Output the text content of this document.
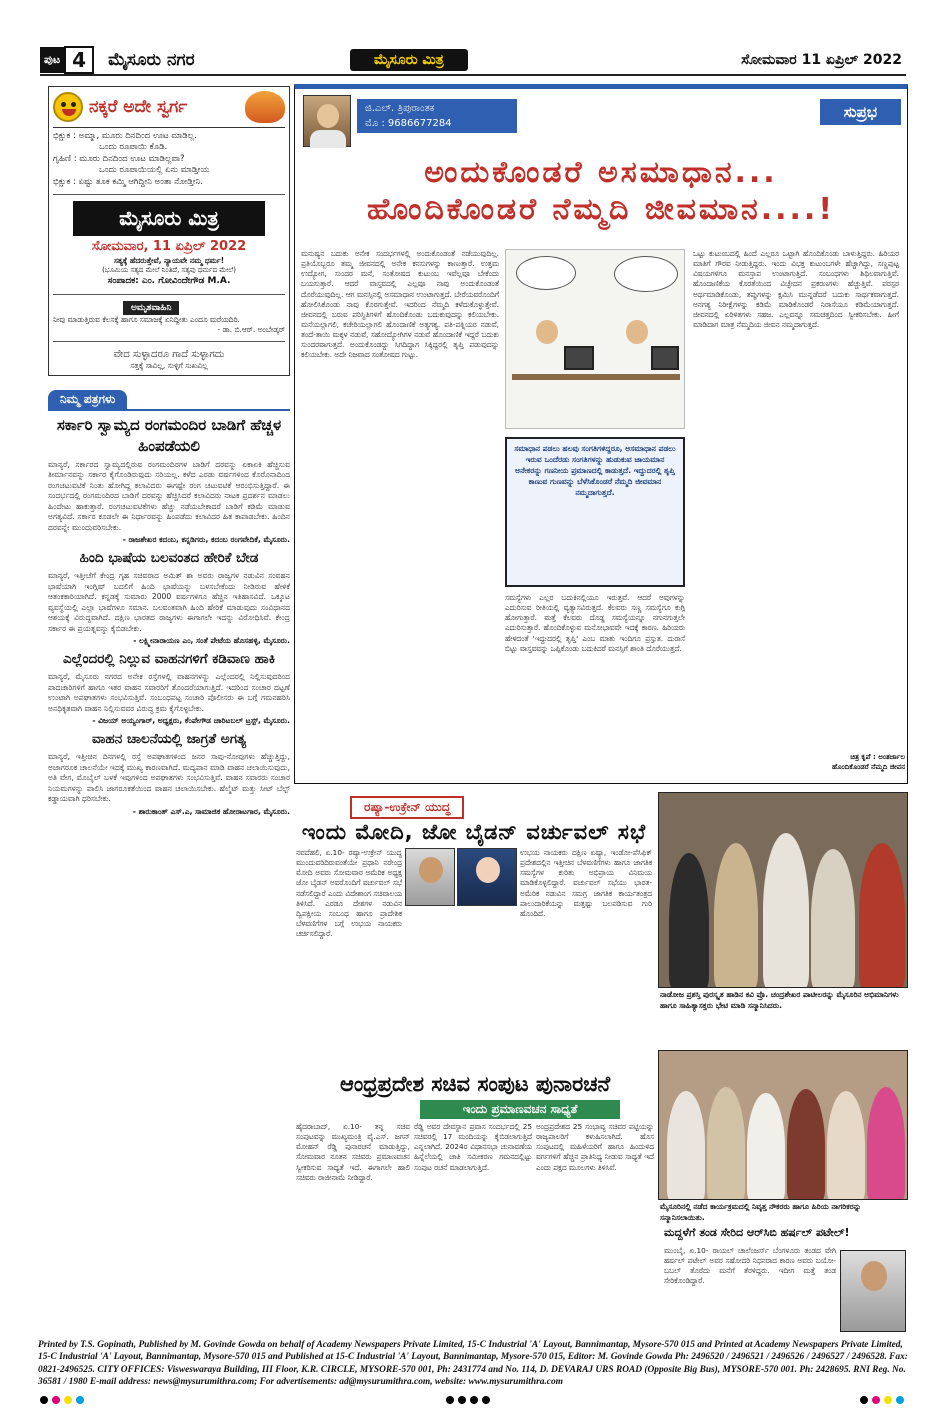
ಪುಟ 4	ಮೈಸೂರು ನಗರ	ಮೈಸೂರು ಮಿತ್ರ	ಸೋಮವಾರ 11 ಏಪ್ರಿಲ್ 2022
ನಕ್ಕರೆ ಅದೇ ಸ್ವರ್ಗ
ಭಿಕ್ಷುಕ : ಅಮ್ಮಾ, ಮೂರು ದಿನದಿಂದ ಊಟ ಮಾಡಿಲ್ಲ.
ಒಂದು ರೂಪಾಯಿ ಕೊಡಿ.
ಗೃಹಿಣಿ : ಮೂರು ದಿನದಿಂದ ಊಟ ಮಾಡಿಲ್ಲವಾ?
ಒಂದು ರೂಪಾಯಿಯಲ್ಲಿ ಏನು ಮಾಡ್ತೀಯ
ಭಿಕ್ಷುಕ : ಏಷ್ಟು ತೂಕ ಕಮ್ಮಿ ಆಗಿದ್ದೀನಿ ಅಂತಾ ನೋಡ್ತೀನಿ.
ಮೈಸೂರು ಮಿತ್ರ
ಸೋಮವಾರ, 11 ಏಪ್ರಿಲ್ 2022
ಸತ್ಯಕ್ಕೆ ಹೆದರುತ್ತೇವೆ, ನ್ಯಾಯವೇ ನಮ್ಮ ಧರ್ಮ!
(ಭೂಮಿಯ ಸತ್ಯದ ಮೇಲೆ ನಿಂತಿದೆ, ಸತ್ಯವು ಧರ್ಮದ ಮೇಲೆ)
ಸಂಪಾದಕ: ಎಂ. ಗೋವಿಂದೇಗೌಡ M.A.
ಅಮೃತವಾಹಿನಿ
ನೀವು ಮಾಡುತ್ತಿರುವ ಕೆಲಸಕ್ಕೆ ಹಾಗೂ ಸಮಾಜಕ್ಕೆ ಏನಿದ್ದೀತು ಎಂದೂ ಮರೆಯದಿರಿ.
- ಡಾ. ಬಿ.ಆರ್. ಅಂಬೇಡ್ಕರ್
ವೇದ ಸುಳ್ಳಾದರೂ ಗಾದೆ ಸುಳ್ಳಾಗದು
ಸತ್ತಕ್ಕೆ ಸಾವಿಲ್ಲ, ಸುಳ್ಳಿಗೆ ಸುಖವಿಲ್ಲ
ನಿಮ್ಮ ಪತ್ರಗಳು
ಸರ್ಕಾರಿ ಸ್ವಾಮ್ಯದ ರಂಗಮಂದಿರ ಬಾಡಿಗೆ ಹೆಚ್ಚಳ ಹಿಂಪಡೆಯಲಿ
ಮಾನ್ಯರೆ, ಸರ್ಕಾರದ ಸ್ವಾಮ್ಯದಲ್ಲಿರುವ ರಂಗಮಂದಿರಗಳ ಬಾಡಿಗೆ ದರವನ್ನು ಏಕಾಏಕಿ ಹೆಚ್ಚಿಸುವ ತೀರ್ಮಾನವನ್ನು ಸರ್ಕಾರ ಕೈಗೊಂಡಿರುವುದು ಸರಿಯಲ್ಲ. ಕಳೆದ ಎರಡು ವರ್ಷಗಳಿಂದ ಕೊರೊನಾದಿಂದ ರಂಗಚಟುವಟಿಕೆ ನಿಂತು ಹೋಗಿದ್ದ ಕಲಾವಿದರು ಈಗಷ್ಟೇ ರಂಗ ಚಟುವಟಿಕೆ ಆರಂಭಿಸುತ್ತಿದ್ದಾರೆ. ಈ ಸಂದರ್ಭದಲ್ಲಿ ರಂಗಮಂದಿರದ ಬಾಡಿಗೆ ದರವನ್ನು ಹೆಚ್ಚಿಸಿದರೆ ಕಲಾವಿದರು ನಾಟಕ ಪ್ರದರ್ಶನ ಮಾಡಲು ಹಿಂದೇಟು ಹಾಕುತ್ತಾರೆ. ರಂಗಚಟುವಟಿಕೆಗಳು ಹೆಚ್ಚು ನಡೆಯಬೇಕಾದರೆ ಬಾಡಿಗೆ ಕಡಿಮೆ ಮಾಡುವ ಅಗತ್ಯವಿದೆ. ಸರ್ಕಾರ ಕೂಡಲೇ ಈ ನಿರ್ಧಾರವನ್ನು ಹಿಂಪಡೆದು ಕಲಾವಿದರ ಹಿತ ಕಾಪಾಡಬೇಕು. ಹಿಂದಿನ ದರವನ್ನೇ ಮುಂದುವರಿಸಬೇಕು.
- ರಾಜಶೇಖರ ಕದಂಬ, ಕನ್ನಡಿಗರು, ಕದಂಬ ರಂಗವೇದಿಕೆ, ಮೈಸೂರು.
ಹಿಂದಿ ಭಾಷೆಯ ಬಲವಂತದ ಹೇರಿಕೆ ಬೇಡ
ಮಾನ್ಯರೆ, ಇತ್ತೀಚೆಗೆ ಕೇಂದ್ರ ಗೃಹ ಸಚಿವರಾದ ಅಮಿತ್ ಶಾ ಅವರು ರಾಜ್ಯಗಳ ನಡುವಿನ ಸಂವಹನ ಭಾಷೆಯಾಗಿ ಇಂಗ್ಲಿಷ್ ಬದಲಿಗೆ ಹಿಂದಿ ಭಾಷೆಯನ್ನು ಬಳಸಬೇಕೆಂದು ನೀಡಿರುವ ಹೇಳಿಕೆ ಆತಂಕಕಾರಿಯಾಗಿದೆ. ಕನ್ನಡಕ್ಕೆ ಸುಮಾರು 2000 ವರ್ಷಗಳಿಗೂ ಹೆಚ್ಚಿನ ಇತಿಹಾಸವಿದೆ. ಒಕ್ಕೂಟ ವ್ಯವಸ್ಥೆಯಲ್ಲಿ ಎಲ್ಲಾ ಭಾಷೆಗಳೂ ಸಮಾನ. ಬಲವಂತವಾಗಿ ಹಿಂದಿ ಹೇರಿಕೆ ಮಾಡುವುದು ಸಂವಿಧಾನದ ಆಶಯಕ್ಕೆ ವಿರುದ್ಧವಾಗಿದೆ. ದಕ್ಷಿಣ ಭಾರತದ ರಾಜ್ಯಗಳು ಈಗಾಗಲೇ ಇದನ್ನು ವಿರೋಧಿಸಿವೆ. ಕೇಂದ್ರ ಸರ್ಕಾರ ಈ ಪ್ರಯತ್ನವನ್ನು ಕೈಬಿಡಬೇಕು.
- ಲಕ್ಷ್ಮೀನಾರಾಯಣ ಎಂ, ಸಂತೆ ಪೇಟೆಯ ಹೊಸಹಳ್ಳಿ, ಮೈಸೂರು.
ಎಲ್ಲೆಂದರಲ್ಲಿ ನಿಲ್ಲುವ ವಾಹನಗಳಿಗೆ ಕಡಿವಾಣ ಹಾಕಿ
ಮಾನ್ಯರೆ, ಮೈಸೂರು ನಗರದ ಅನೇಕ ರಸ್ತೆಗಳಲ್ಲಿ ವಾಹನಗಳನ್ನು ಎಲ್ಲೆಂದರಲ್ಲಿ ನಿಲ್ಲಿಸುವುದರಿಂದ ಪಾದಚಾರಿಗಳಿಗೆ ಹಾಗೂ ಇತರ ವಾಹನ ಸವಾರರಿಗೆ ತೊಂದರೆಯಾಗುತ್ತಿದೆ. ಇದರಿಂದ ಸಂಚಾರ ದಟ್ಟಣೆ ಉಂಟಾಗಿ ಅಪಘಾತಗಳು ಸಂಭವಿಸುತ್ತಿವೆ. ಸಂಬಂಧಪಟ್ಟ ಸಂಚಾರಿ ಪೊಲೀಸರು ಈ ಬಗ್ಗೆ ಗಮನಹರಿಸಿ ಅನಧಿಕೃತವಾಗಿ ವಾಹನ ನಿಲ್ಲಿಸುವವರ ವಿರುದ್ಧ ಕ್ರಮ ಕೈಗೊಳ್ಳಬೇಕು.
- ವಿಜಯ್ ಅಯ್ಯಂಗಾರ್, ಅಧ್ಯಕ್ಷರು, ಕೆಂಪೇಗೌಡ ಚಾರಿಟಬಲ್ ಟ್ರಸ್ಟ್, ಮೈಸೂರು.
ವಾಹನ ಚಾಲನೆಯಲ್ಲಿ ಜಾಗ್ರತೆ ಅಗತ್ಯ
ಮಾನ್ಯರೆ, ಇತ್ತೀಚಿನ ದಿನಗಳಲ್ಲಿ ರಸ್ತೆ ಅಪಘಾತಗಳಿಂದ ಜನರ ಸಾವು-ನೋವುಗಳು ಹೆಚ್ಚುತ್ತಿದ್ದು, ಅಜಾಗರೂಕ ಚಾಲನೆಯೇ ಇದಕ್ಕೆ ಮುಖ್ಯ ಕಾರಣವಾಗಿದೆ. ಮದ್ಯಪಾನ ಮಾಡಿ ವಾಹನ ಚಲಾಯಿಸುವುದು, ಅತಿ ವೇಗ, ಮೊಬೈಲ್ ಬಳಕೆ ಇವುಗಳಿಂದ ಅಪಘಾತಗಳು ಸಂಭವಿಸುತ್ತಿವೆ. ವಾಹನ ಸವಾರರು ಸಂಚಾರ ನಿಯಮಗಳನ್ನು ಪಾಲಿಸಿ ಜಾಗರೂಕತೆಯಿಂದ ವಾಹನ ಚಲಾಯಿಸಬೇಕು. ಹೆಲ್ಮೆಟ್ ಮತ್ತು ಸೀಟ್ ಬೆಲ್ಟ್ ಕಡ್ಡಾಯವಾಗಿ ಧರಿಸಬೇಕು.
- ಶಾರುಕಾಂತ್ ಎಸ್.ಎ, ಸಾಮಾಜಿಕ ಹೋರಾಟಗಾರ, ಮೈಸೂರು.
ಜಿ.ಎಲ್. ತ್ರಿಪುರಾಂತಕ
ಮೊ : 9686677284
ಸುಪ್ರಭ
ಅಂದುಕೊಂಡರೆ ಅಸಮಾಧಾನ...
ಹೊಂದಿಕೊಂಡರೆ ನೆಮ್ಮದಿ ಜೀವಮಾನ....!
ಮನುಷ್ಯನ ಬದುಕು ಅನೇಕ ಸಂದರ್ಭಗಳಲ್ಲಿ ಅಂದುಕೊಂಡಂತೆ ನಡೆಯುವುದಿಲ್ಲ. ಪ್ರತಿಯೊಬ್ಬರೂ ತಮ್ಮ ಜೀವನದಲ್ಲಿ ಅನೇಕ ಕನಸುಗಳನ್ನು ಕಾಣುತ್ತಾರೆ. ಉತ್ತಮ ಉದ್ಯೋಗ, ಸುಂದರ ಮನೆ, ಸಂತೋಷದ ಕುಟುಂಬ ಇವೆಲ್ಲವೂ ಬೇಕೆಂದು ಬಯಸುತ್ತಾರೆ. ಆದರೆ ವಾಸ್ತವದಲ್ಲಿ ಎಲ್ಲವೂ ನಾವು ಅಂದುಕೊಂಡಂತೆ ದೊರೆಯುವುದಿಲ್ಲ. ಆಗ ಮನಸ್ಸಿನಲ್ಲಿ ಅಸಮಾಧಾನ ಉಂಟಾಗುತ್ತದೆ. ಬೇರೆಯವರೊಂದಿಗೆ ಹೋಲಿಸಿಕೊಂಡು ನಾವು ಕೊರಗುತ್ತೇವೆ. ಇದರಿಂದ ನೆಮ್ಮದಿ ಕಳೆದುಕೊಳ್ಳುತ್ತೇವೆ. ಜೀವನದಲ್ಲಿ ಬರುವ ಪರಿಸ್ಥಿತಿಗಳಿಗೆ ಹೊಂದಿಕೊಂಡು ಬದುಕುವುದನ್ನು ಕಲಿಯಬೇಕು. ಮನೆಯಲ್ಲಾಗಲಿ, ಕಚೇರಿಯಲ್ಲಾಗಲಿ ಹೊಂದಾಣಿಕೆ ಅತ್ಯಗತ್ಯ. ಪತಿ-ಪತ್ನಿಯರ ನಡುವೆ, ತಂದೆ-ತಾಯಿ ಮಕ್ಕಳ ನಡುವೆ, ಸಹೋದ್ಯೋಗಿಗಳ ನಡುವೆ ಹೊಂದಾಣಿಕೆ ಇದ್ದರೆ ಬದುಕು ಸುಂದರವಾಗುತ್ತದೆ. ಅಂದುಕೊಂಡದ್ದು ಸಿಗದಿದ್ದಾಗ ಸಿಕ್ಕಿದ್ದರಲ್ಲಿ ತೃಪ್ತಿ ಪಡುವುದನ್ನು ಕಲಿಯಬೇಕು. ಅದೇ ನಿಜವಾದ ಸಂತೋಷದ ಗುಟ್ಟು.
ಸಮಾಧಾನ ಪಡಲು ಹಲವು ಸಂಗತಿಗಳಿದ್ದರೂ, ಅಸಮಾಧಾನ ಪಡಲು ಇರುವ ಒಂದೆರಡು ಸಂಗತಿಗಳನ್ನು ಹುಡುಕುವ ಜಾಯಮಾನ ಅನೇಕರನ್ನು ಗಣನೀಯ ಪ್ರಮಾಣದಲ್ಲಿ ಕಾಡುತ್ತದೆ. ಇದ್ದುದರಲ್ಲಿ ತೃಪ್ತಿ ಕಾಣುವ ಗುಣವನ್ನು ಬೆಳೆಸಿಕೊಂಡರೆ ನೆಮ್ಮದಿ ಜೀವಮಾನ ನಮ್ಮದಾಗುತ್ತದೆ.
ಸಮಸ್ಯೆಗಳು ಎಲ್ಲರ ಬದುಕಿನಲ್ಲಿಯೂ ಇರುತ್ತವೆ. ಆದರೆ ಅವುಗಳನ್ನು ಎದುರಿಸುವ ರೀತಿಯಲ್ಲಿ ವ್ಯತ್ಯಾಸವಿರುತ್ತದೆ. ಕೆಲವರು ಸಣ್ಣ ಸಮಸ್ಯೆಗೂ ಕುಗ್ಗಿ ಹೋಗುತ್ತಾರೆ. ಮತ್ತೆ ಕೆಲವರು ದೊಡ್ಡ ಸಮಸ್ಯೆಯನ್ನೂ ನಗುನಗುತ್ತಲೇ ಎದುರಿಸುತ್ತಾರೆ. ಹೊಂದಿಕೊಳ್ಳುವ ಮನೋಭಾವವೇ ಇದಕ್ಕೆ ಕಾರಣ. ಹಿರಿಯರು ಹೇಳಿದಂತೆ 'ಇದ್ದುದರಲ್ಲಿ ತೃಪ್ತಿ' ಎಂಬ ಮಾತು ಇಂದಿಗೂ ಪ್ರಸ್ತುತ. ದುರಾಸೆ ಬಿಟ್ಟು ವಾಸ್ತವವನ್ನು ಒಪ್ಪಿಕೊಂಡು ಬದುಕಿದರೆ ಮನಸ್ಸಿಗೆ ಶಾಂತಿ ದೊರೆಯುತ್ತದೆ.
ಒಟ್ಟು ಕುಟುಂಬದಲ್ಲಿ ಹಿಂದೆ ಎಲ್ಲರೂ ಒಟ್ಟಾಗಿ ಹೊಂದಿಕೊಂಡು ಬಾಳುತ್ತಿದ್ದರು. ಹಿರಿಯರ ಮಾತಿಗೆ ಗೌರವ ನೀಡುತ್ತಿದ್ದರು. ಇಂದು ವಿಭಕ್ತ ಕುಟುಂಬಗಳೇ ಹೆಚ್ಚಾಗಿದ್ದು, ಸಣ್ಣಪುಟ್ಟ ವಿಷಯಗಳಿಗೂ ಮನಸ್ತಾಪ ಉಂಟಾಗುತ್ತಿದೆ. ಸಂಬಂಧಗಳು ಶಿಥಿಲವಾಗುತ್ತಿವೆ. ಹೊಂದಾಣಿಕೆಯ ಕೊರತೆಯಿಂದ ವಿಚ್ಛೇದನ ಪ್ರಕರಣಗಳು ಹೆಚ್ಚುತ್ತಿವೆ. ಪರಸ್ಪರ ಅರ್ಥಮಾಡಿಕೊಂಡು, ತಪ್ಪುಗಳನ್ನು ಕ್ಷಮಿಸಿ ಮುನ್ನಡೆದರೆ ಬದುಕು ಸಾರ್ಥಕವಾಗುತ್ತದೆ. ಅನಗತ್ಯ ನಿರೀಕ್ಷೆಗಳನ್ನು ಕಡಿಮೆ ಮಾಡಿಕೊಂಡರೆ ನಿರಾಸೆಯೂ ಕಡಿಮೆಯಾಗುತ್ತದೆ. ಜೀವನದಲ್ಲಿ ಏರಿಳಿತಗಳು ಸಹಜ. ಎಲ್ಲವನ್ನೂ ಸಮಚಿತ್ತದಿಂದ ಸ್ವೀಕರಿಸಬೇಕು. ಹೀಗೆ ಮಾಡಿದಾಗ ಮಾತ್ರ ನೆಮ್ಮದಿಯ ಜೀವನ ನಮ್ಮದಾಗುತ್ತದೆ.
ಚಿತ್ರ ಕೃಪೆ : ಅಂತರ್ಜಾಲ
ಹೊಂದಿಕೊಂಡರೆ ನೆಮ್ಮದಿ ಜೀವನ
ರಷ್ಯಾ-ಉಕ್ರೇನ್ ಯುದ್ಧ
ಇಂದು ಮೋದಿ, ಜೋ ಬೈಡನ್ ವರ್ಚುವಲ್ ಸಭೆ
ನವದೆಹಲಿ, ಏ.10- ರಷ್ಯಾ-ಉಕ್ರೇನ್ ಯುದ್ಧ ಮುಂದುವರಿದಿರುವಂತೆಯೇ ಪ್ರಧಾನಿ ನರೇಂದ್ರ ಮೋದಿ ಅವರು ಸೋಮವಾರ ಅಮೆರಿಕ ಅಧ್ಯಕ್ಷ ಜೋ ಬೈಡನ್ ಅವರೊಂದಿಗೆ ವರ್ಚುವಲ್ ಸಭೆ ನಡೆಸಲಿದ್ದಾರೆ ಎಂದು ವಿದೇಶಾಂಗ ಸಚಿವಾಲಯ ತಿಳಿಸಿದೆ. ಎರಡೂ ದೇಶಗಳ ನಡುವಿನ ದ್ವಿಪಕ್ಷೀಯ ಸಂಬಂಧ ಹಾಗೂ ಪ್ರಾದೇಶಿಕ ಬೆಳವಣಿಗೆಗಳ ಬಗ್ಗೆ ಉಭಯ ನಾಯಕರು ಚರ್ಚಿಸಲಿದ್ದಾರೆ.
ಉಭಯ ನಾಯಕರು ದಕ್ಷಿಣ ಏಷ್ಯಾ, ಇಂಡೋ-ಪೆಸಿಫಿಕ್ ಪ್ರದೇಶದಲ್ಲಿನ ಇತ್ತೀಚಿನ ಬೆಳವಣಿಗೆಗಳು ಹಾಗೂ ಜಾಗತಿಕ ಸಮಸ್ಯೆಗಳ ಕುರಿತು ಅಭಿಪ್ರಾಯ ವಿನಿಮಯ ಮಾಡಿಕೊಳ್ಳಲಿದ್ದಾರೆ. ವರ್ಚುವಲ್ ಸಭೆಯು ಭಾರತ-ಅಮೆರಿಕ ನಡುವಿನ ಸಮಗ್ರ ಜಾಗತಿಕ ಕಾರ್ಯತಂತ್ರದ ಪಾಲುದಾರಿಕೆಯನ್ನು ಮತ್ತಷ್ಟು ಬಲಪಡಿಸುವ ಗುರಿ ಹೊಂದಿದೆ.
ಆಂಧ್ರಪ್ರದೇಶ ಸಚಿವ ಸಂಪುಟ ಪುನಾರಚನೆ
ಇಂದು ಪ್ರಮಾಣವಚನ ಸಾಧ್ಯತೆ
ಹೈದರಾಬಾದ್, ಏ.10- ತನ್ನ ಸಚಿವ ಸಂಪುಟವನ್ನು ಮುಖ್ಯಮಂತ್ರಿ ವೈ.ಎಸ್. ಜಗನ್ ಮೋಹನ್ ರೆಡ್ಡಿ ಪುನಾರಚನೆ ಮಾಡುತ್ತಿದ್ದು, ಸೋಮವಾರ ನೂತನ ಸಚಿವರು ಪ್ರಮಾಣವಚನ ಸ್ವೀಕರಿಸುವ ಸಾಧ್ಯತೆ ಇದೆ. ಈಗಾಗಲೇ ಹಾಲಿ ಸಚಿವರು ರಾಜೀನಾಮೆ ನೀಡಿದ್ದಾರೆ.
ರೆಡ್ಡಿ ಅವರ ದೇವಸ್ಥಾನ ಪ್ರವಾಸ ಸಂದರ್ಭದಲ್ಲಿ 25 ಸಚಿವರಲ್ಲಿ 17 ಮಂದಿಯನ್ನು ಕೈಬಿಡಲಾಗುತ್ತಿದೆ ಎನ್ನಲಾಗಿದೆ. 2024ರ ವಿಧಾನಸಭಾ ಚುನಾವಣೆಯ ಹಿನ್ನೆಲೆಯಲ್ಲಿ ಜಾತಿ ಸಮೀಕರಣ ಗಮನದಲ್ಲಿಟ್ಟು ಸಂಪುಟ ರಚನೆ ಮಾಡಲಾಗುತ್ತಿದೆ.
ಅಂದ್ರಪ್ರದೇಶದ 25 ಸಂಭಾವ್ಯ ಸಚಿವರ ಪಟ್ಟಿಯನ್ನು ರಾಜ್ಯಪಾಲರಿಗೆ ಕಳುಹಿಸಲಾಗಿದೆ. ಹೊಸ ಸಂಪುಟದಲ್ಲಿ ಮಹಿಳೆಯರಿಗೆ ಹಾಗೂ ಹಿಂದುಳಿದ ವರ್ಗಗಳಿಗೆ ಹೆಚ್ಚಿನ ಪ್ರಾತಿನಿಧ್ಯ ನೀಡುವ ಸಾಧ್ಯತೆ ಇದೆ ಎಂದು ಪಕ್ಷದ ಮೂಲಗಳು ತಿಳಿಸಿವೆ.
ನಾಡೋಜ ಪ್ರಶಸ್ತಿ ಪುರಸ್ಕೃತ ಹಾಡಿನ ಕವಿ ಪ್ರೊ. ಚಂದ್ರಶೇಖರ ಪಾಟೀಲರನ್ನು ಮೈಸೂರಿನ ಅಭಿಮಾನಿಗಳು ಹಾಗೂ ಸಾಹಿತ್ಯಾಸಕ್ತರು ಭೇಟಿ ಮಾಡಿ ಸನ್ಮಾನಿಸಿದರು.
ಮೈಸೂರಿನಲ್ಲಿ ನಡೆದ ಕಾರ್ಯಕ್ರಮದಲ್ಲಿ ನಿವೃತ್ತ ನೌಕರರು ಹಾಗೂ ಹಿರಿಯ ನಾಗರಿಕರನ್ನು ಸನ್ಮಾನಿಸಲಾಯಿತು.
ಮದ್ದಳೆಗೆ ತಂಡ ಸೇರಿದ ಆರ್‌ಸಿಬಿ ಹರ್ಷಲ್ ಪಟೇಲ್!
ಮುಂಬೈ, ಏ.10- ರಾಯಲ್ ಚಾಲೆಂಜರ್ಸ್ ಬೆಂಗಳೂರು ತಂಡದ ವೇಗಿ ಹರ್ಷಲ್ ಪಟೇಲ್ ಅವರ ಸಹೋದರಿ ನಿಧನರಾದ ಕಾರಣ ಅವರು ಬಯೋ-ಬಬಲ್ ತೊರೆದು ಮನೆಗೆ ತೆರಳಿದ್ದರು. ಇದೀಗ ಮತ್ತೆ ತಂಡ ಸೇರಿಕೊಂಡಿದ್ದಾರೆ.
Printed by T.S. Gopinath, Published by M. Govinde Gowda on behalf of Academy Newspapers Private Limited, 15-C Industrial 'A' Layout, Bannimantap, Mysore-570 015 and Printed at Academy Newspapers Private Limited, 15-C Industrial 'A' Layout, Bannimantap, Mysore-570 015 and Published at 15-C Industrial 'A' Layout, Bannimantap, Mysore-570 015, Editor: M. Govinde Gowda Ph: 2496520 / 2496521 / 2496526 / 2496527 / 2496528. Fax: 0821-2496525. CITY OFFICES: Visweswaraya Building, III Floor, K.R. CIRCLE, MYSORE-570 001, Ph: 2431774 and No. 114, D. DEVARAJ URS ROAD (Opposite Big Bus), MYSORE-570 001. Ph: 2428695. RNI Reg. No. 36581 / 1980 E-mail address: news@mysurumithra.com; For advertisements: ad@mysurumithra.com, website: www.mysurumithra.com
